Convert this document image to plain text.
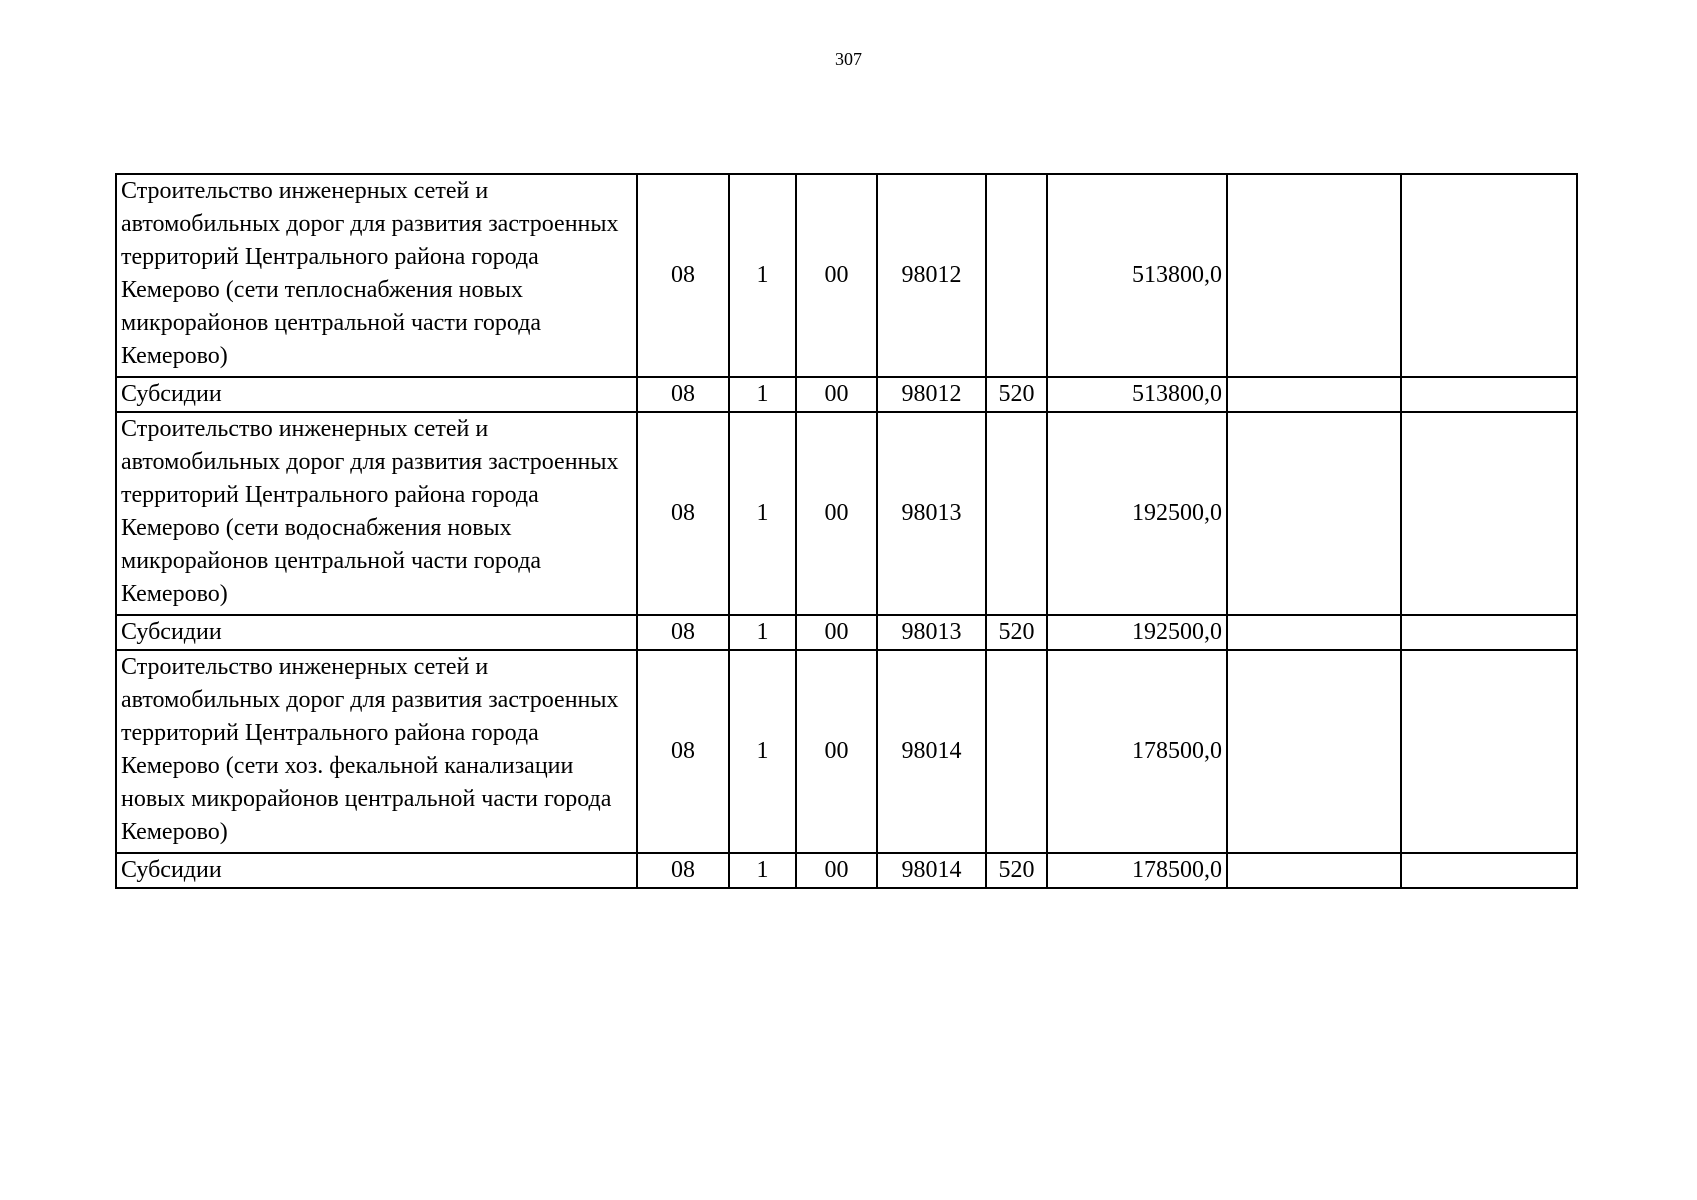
307
Строительство инженерных сетей и автомобильных дорог для развития застроенных территорий Центрального района города Кемерово (сети теплоснабжения новых микрорайонов центральной части города Кемерово)	08	1	00	98012		513800,0		
Субсидии	08	1	00	98012	520	513800,0		
Строительство инженерных сетей и автомобильных дорог для развития застроенных территорий Центрального района города Кемерово (сети водоснабжения новых микрорайонов центральной части города Кемерово)	08	1	00	98013		192500,0		
Субсидии	08	1	00	98013	520	192500,0		
Строительство инженерных сетей и автомобильных дорог для развития застроенных территорий Центрального района города Кемерово (сети хоз. фекальной канализации новых микрорайонов центральной части города Кемерово)	08	1	00	98014		178500,0		
Субсидии	08	1	00	98014	520	178500,0		
